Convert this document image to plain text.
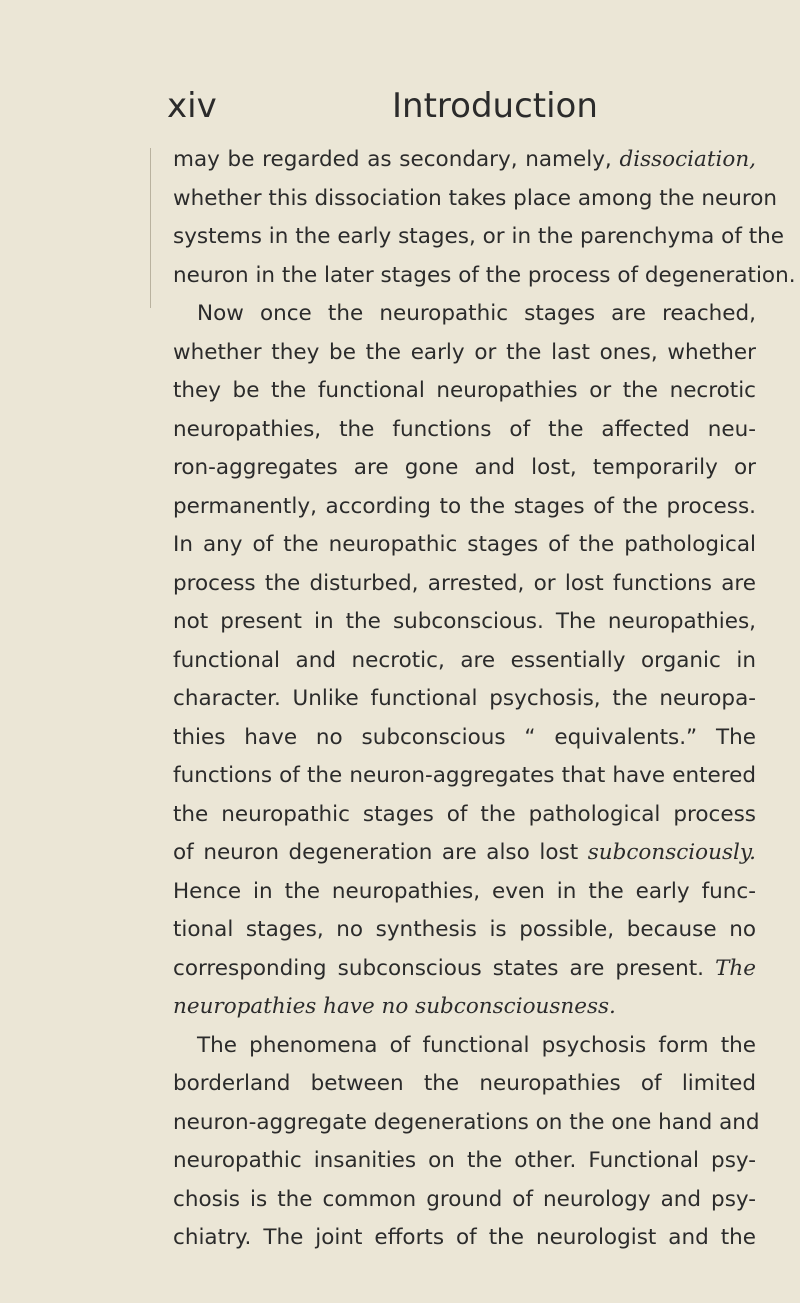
xiv	Introduction
may be regarded as secondary, namely, dissociation,
whether this dissociation takes place among the neuron
systems in the early stages, or in the parenchyma of the
neuron in the later stages of the process of degeneration.
Now once the neuropathic stages are reached,
whether they be the early or the last ones, whether
they be the functional neuropathies or the necrotic
neuropathies, the functions of the affected neu-
ron-aggregates are gone and lost, temporarily or
permanently, according to the stages of the process.
In any of the neuropathic stages of the pathological
process the disturbed, arrested, or lost functions are
not present in the subconscious. The neuropathies,
functional and necrotic, are essentially organic in
character. Unlike functional psychosis, the neuropa-
thies have no subconscious “ equivalents.” The
functions of the neuron-aggregates that have entered
the neuropathic stages of the pathological process
of neuron degeneration are also lost subconsciously.
Hence in the neuropathies, even in the early func-
tional stages, no synthesis is possible, because no
corresponding subconscious states are present. The
neuropathies have no subconsciousness.
The phenomena of functional psychosis form the
borderland between the neuropathies of limited
neuron-aggregate degenerations on the one hand and
neuropathic insanities on the other. Functional psy-
chosis is the common ground of neurology and psy-
chiatry. The joint efforts of the neurologist and the
